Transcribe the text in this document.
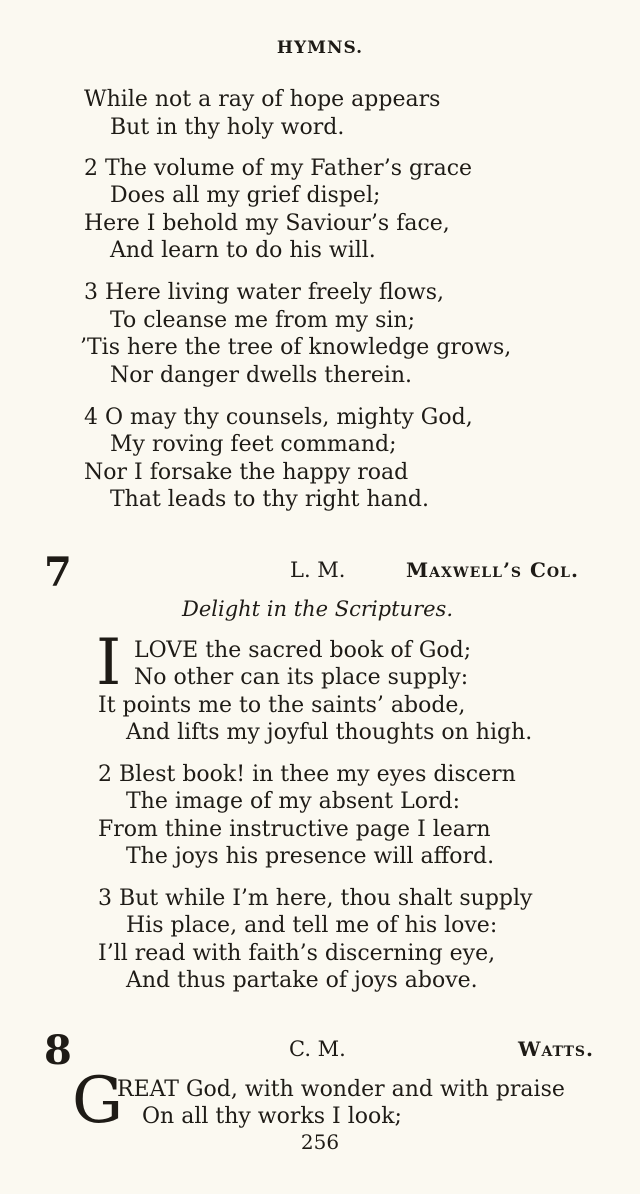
HYMNS.
While not a ray of hope appears
But in thy holy word.
2 The volume of my Father’s grace
Does all my grief dispel;
Here I behold my Saviour’s face,
And learn to do his will.
3 Here living water freely flows,
To cleanse me from my sin;
’Tis here the tree of knowledge grows,
Nor danger dwells therein.
4 O may thy counsels, mighty God,
My roving feet command;
Nor I forsake the happy road
That leads to thy right hand.
7	L. M.	Maxwell’s Col.
Delight in the Scriptures.
I LOVE the sacred book of God;
No other can its place supply:
It points me to the saints’ abode,
And lifts my joyful thoughts on high.
2 Blest book! in thee my eyes discern
The image of my absent Lord:
From thine instructive page I learn
The joys his presence will afford.
3 But while I’m here, thou shalt supply
His place, and tell me of his love:
I’ll read with faith’s discerning eye,
And thus partake of joys above.
8	C. M.	Watts.
G
REAT God, with wonder and with praise
On all thy works I look;
256
